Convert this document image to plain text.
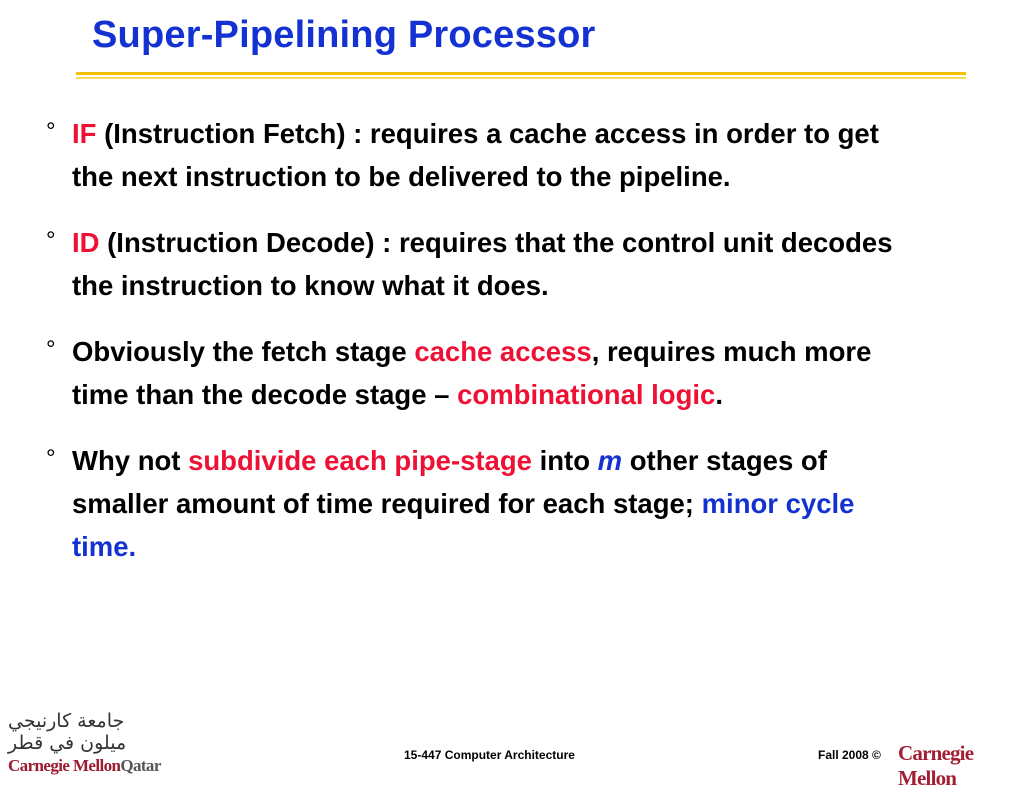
Super-Pipelining Processor
° IF (Instruction Fetch) : requires a cache access in order to get the next instruction to be delivered to the pipeline.
° ID (Instruction Decode) : requires that the control unit decodes the instruction to know what it does.
° Obviously the fetch stage cache access, requires much more time than the decode stage – combinational logic.
° Why not subdivide each pipe-stage into m other stages of smaller amount of time required for each stage; minor cycle time.
جامعة كارنيجي ميلون في قطر
Carnegie MellonQatar
15-447 Computer Architecture	Fall 2008 © Carnegie Mellon
